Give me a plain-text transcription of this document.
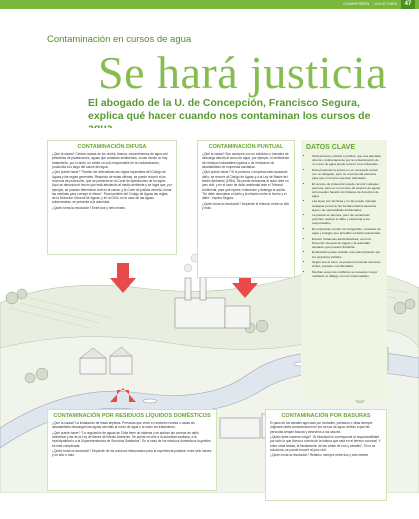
CHAMPIÑÓN · JULIO 2009	47
Contaminación en cursos de agua
Se hará justicia
El abogado de la U. de Concepción, Francisco Segura, explica qué hacer cuando nos contaminan los cursos de
CONTAMINACIÓN DIFUSA

¿Qué la causa? Ciertas causas de los olores, basura, escurrimientos de agua con pesticidas de plantaciones, aguas que arrastran sedimentos, zonas donde no hay tratamiento, por lo tanto, no existe un solo responsable de la contaminación, producida a lo largo del cauce del agua.

¿Qué puede hacer? "Suelen ser alternativas las reglas especiales del Código de Aguas y las reglas generales. Respecto de estas últimas, se puede recurrir a los recursos de protección, que se presenta en la Corte de Apelaciones de la región. Aquí se denuncia el hecho que está afectando al medio ambiente y se logra que, por ejemplo, se puedan determinar cuál es la causa, y la Corte de justicia decreta, tomar las medidas para corregir el efecto". Para también del Código de Aguas las reglas de la Dirección General de Aguas, y en la DGA, en el caso de las aguas subterráneas, se presenta a la autoridad.

¿Quién toma la resolución? Entre dos y seis meses.

CONTAMINACIÓN PUNTUAL

¿Qué la causa? Son acciones con un individuo o industria de descarga directa al curso de agua, por ejemplo, el vertimiento de residuos industriales líquidos o de emisiones de alcantarillado de empresas sanitarias.

¿Qué puede hacer? Si la persona o empresa está causando daño, se recurre al Código de Aguas y a la Ley de Bases del Medio Ambiente (1994). Se puede demandar al autor ante un juez civil, y en el caso de daño ambiental ante el Tribunal Ambiental, para que repare, indemnice y detenga la acción. "Se debe demostrar el daño y la relación entre el hecho y el daño", explica Segura.

¿Quién toma la resolución? Depende el tribunal: entre un año y más.

DATOS CLAVE
• Toda persona, natural o jurídica, que sea afectada directa o indirectamente por la contaminación de un curso de agua puede recurrir a los tribunales.
• Para presentar la acción no es necesario contar con un abogado, pero se recomienda asesoría para que el recurso sea bien planteado.
• El recurso de protección puede recurrir cualquier persona, pero en un recurso de amparo de aguas sólo pueden hacerlo los titulares de derechos de agua.
• Las leyes son técnicas y no las puede manejar cualquier persona. Es fundamental la asesoría legal y de especialistas ambientales.
• La justicia se demora, pero las sentencias permiten reparar el daño y sancionar a los responsables.
• Es importante contar con fotografías, muestras de agua y testigos que acrediten el daño ocasionado.
• Existen instancias administrativas, como la Dirección General de Aguas y la autoridad sanitaria, que pueden fiscalizar.
• El afectado puede solicitar una indemnización por los perjuicios sufridos.
• Según sea el caso, se pueden presentar acciones civiles, penales o ambientales.
• Muchas veces los conflictos se resuelven mejor mediante el diálogo con los responsables.
CONTAMINACIÓN POR RESIDUOS LÍQUIDOS DOMÉSTICOS

¿Qué la causa? La instalación de fosas sépticas. Personas que viven en sectores rurales o casas sin alcantarillado descargan las aguas servidas al curso de agua o al suelo sin tratamiento.

¿Qué puede hacer? "La regulación de aguas de Chile tiene un sistema y se aplican las normas de daño ambiental y las de la Ley de Bases del Medio Ambiente. Se puede recurrir a la autoridad sanitaria, a la municipalidad o a la Superintendencia de Servicios Sanitarios". En el caso de los residuos domésticos la gestión es más complicada.

¿Quién toma la resolución? Depende de los recursos interpuestos para la experiencia práctica: entre seis meses y un año o más.

CONTAMINACIÓN POR BASURAS

El paso de los canales agrícolas por ciudades, poblados o villas siempre originará cierta contaminación en los cursos de agua, debido a que las personas arrojan basura y desechos a los cauces.

¿Quién debe hacerse cargo? "Al Municipio le corresponde la responsabilidad por todo lo que llueva a cuenta de la basura que está en el terreno comunal. Y entre otras tareas, la fiscalización de las orillas de ríos y canales". Si no se soluciona, se puede recurrir al juez civil.

¿Quién toma la resolución? Relativo, siempre entre dos y seis meses.
